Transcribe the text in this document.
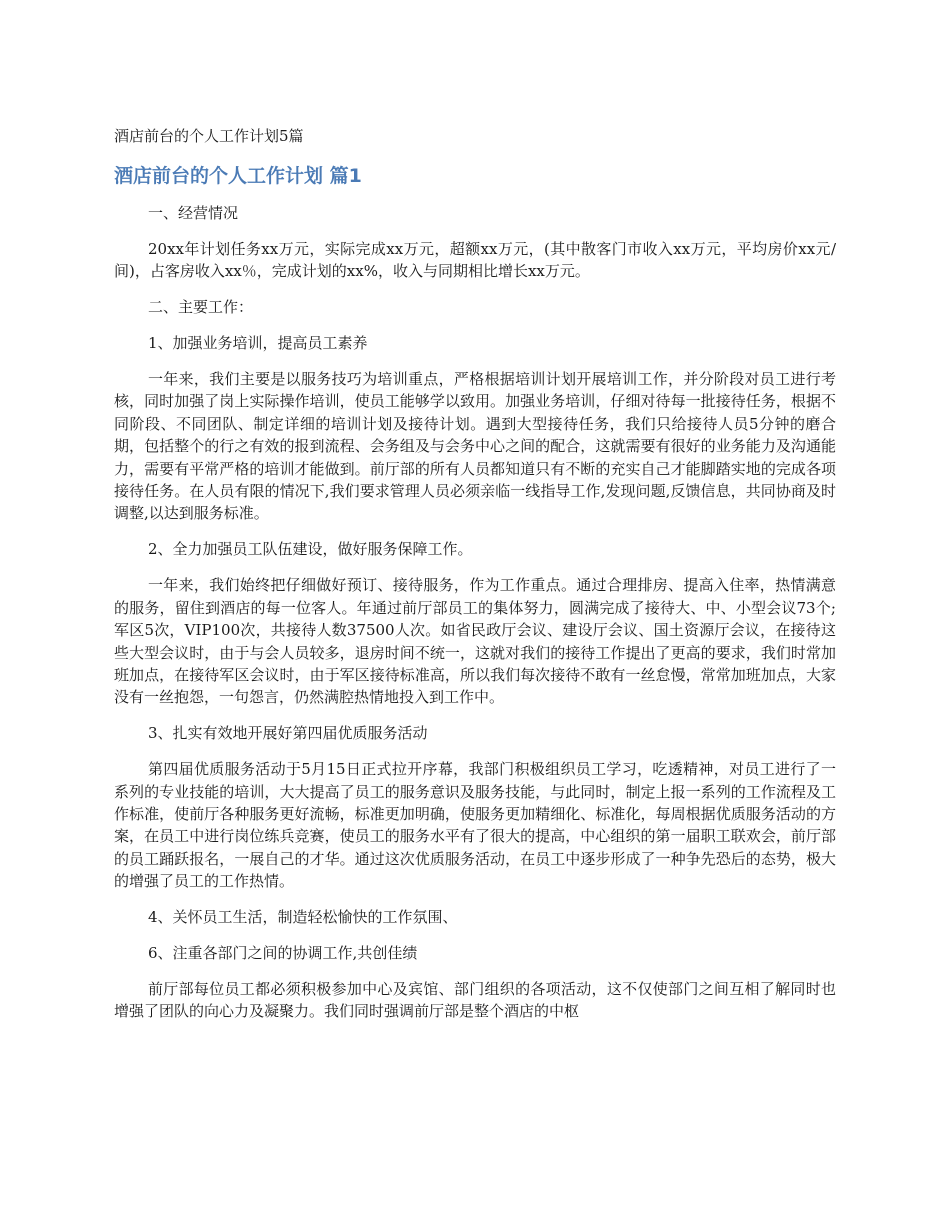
酒店前台的个人工作计划5篇
酒店前台的个人工作计划 篇1

一、经营情况

20xx年计划任务xx万元，实际完成xx万元，超额xx万元，(其中散客门市收入xx万元，平均房价xx元/间)，占客房收入xx％，完成计划的xx%，收入与同期相比增长xx万元。

二、主要工作：

1、加强业务培训，提高员工素养

一年来，我们主要是以服务技巧为培训重点，严格根据培训计划开展培训工作，并分阶段对员工进行考核，同时加强了岗上实际操作培训，使员工能够学以致用。加强业务培训，仔细对待每一批接待任务，根据不同阶段、不同团队、制定详细的培训计划及接待计划。遇到大型接待任务，我们只给接待人员5分钟的磨合期，包括整个的行之有效的报到流程、会务组及与会务中心之间的配合，这就需要有很好的业务能力及沟通能力，需要有平常严格的培训才能做到。前厅部的所有人员都知道只有不断的充实自己才能脚踏实地的完成各项接待任务。在人员有限的情况下,我们要求管理人员必须亲临一线指导工作,发现问题,反馈信息，共同协商及时调整,以达到服务标准。

2、全力加强员工队伍建设，做好服务保障工作。

一年来，我们始终把仔细做好预订、接待服务，作为工作重点。通过合理排房、提高入住率，热情满意的服务，留住到酒店的每一位客人。年通过前厅部员工的集体努力，圆满完成了接待大、中、小型会议73个;军区5次，VIP100次，共接待人数37500人次。如省民政厅会议、建设厅会议、国土资源厅会议，在接待这些大型会议时，由于与会人员较多，退房时间不统一，这就对我们的接待工作提出了更高的要求，我们时常加班加点，在接待军区会议时，由于军区接待标准高，所以我们每次接待不敢有一丝怠慢，常常加班加点，大家没有一丝抱怨，一句怨言，仍然满腔热情地投入到工作中。

3、扎实有效地开展好第四届优质服务活动

第四届优质服务活动于5月15日正式拉开序幕，我部门积极组织员工学习，吃透精神，对员工进行了一系列的专业技能的培训，大大提高了员工的服务意识及服务技能，与此同时，制定上报一系列的工作流程及工作标准，使前厅各种服务更好流畅，标准更加明确，使服务更加精细化、标准化，每周根据优质服务活动的方案，在员工中进行岗位练兵竞赛，使员工的服务水平有了很大的提高，中心组织的第一届职工联欢会，前厅部的员工踊跃报名，一展自己的才华。通过这次优质服务活动，在员工中逐步形成了一种争先恐后的态势，极大的增强了员工的工作热情。

4、关怀员工生活，制造轻松愉快的工作氛围、

6、注重各部门之间的协调工作,共创佳绩

前厅部每位员工都必须积极参加中心及宾馆、部门组织的各项活动，这不仅使部门之间互相了解同时也增强了团队的向心力及凝聚力。我们同时强调前厅部是整个酒店的中枢
